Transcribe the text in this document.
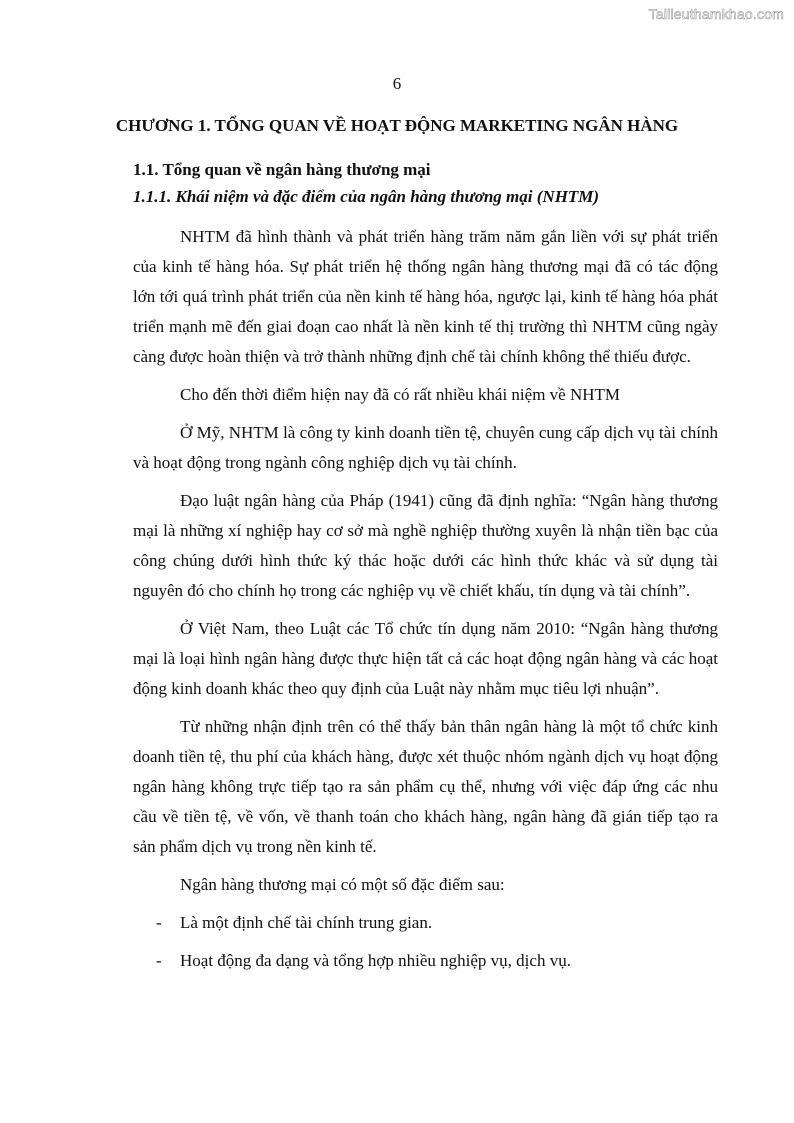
Tailieuthamkhao.com
6
CHƯƠNG 1. TỔNG QUAN VỀ HOẠT ĐỘNG MARKETING NGÂN HÀNG
1.1. Tổng quan về ngân hàng thương mại
1.1.1. Khái niệm và đặc điểm của ngân hàng thương mại (NHTM)

NHTM đã hình thành và phát triển hàng trăm năm gắn liền với sự phát triển của kinh tế hàng hóa. Sự phát triển hệ thống ngân hàng thương mại đã có tác động lớn tới quá trình phát triển của nền kinh tế hàng hóa, ngược lại, kinh tế hàng hóa phát triển mạnh mẽ đến giai đoạn cao nhất là nền kinh tế thị trường thì NHTM cũng ngày càng được hoàn thiện và trở thành những định chế tài chính không thể thiếu được.

Cho đến thời điểm hiện nay đã có rất nhiều khái niệm về NHTM

Ở Mỹ, NHTM là công ty kinh doanh tiền tệ, chuyên cung cấp dịch vụ tài chính và hoạt động trong ngành công nghiệp dịch vụ tài chính.

Đạo luật ngân hàng của Pháp (1941) cũng đã định nghĩa: “Ngân hàng thương mại là những xí nghiệp hay cơ sở mà nghề nghiệp thường xuyên là nhận tiền bạc của công chúng dưới hình thức ký thác hoặc dưới các hình thức khác và sử dụng tài nguyên đó cho chính họ trong các nghiệp vụ về chiết khấu, tín dụng và tài chính”.

Ở Việt Nam, theo Luật các Tổ chức tín dụng năm 2010: “Ngân hàng thương mại là loại hình ngân hàng được thực hiện tất cả các hoạt động ngân hàng và các hoạt động kinh doanh khác theo quy định của Luật này nhằm mục tiêu lợi nhuận”.

Từ những nhận định trên có thể thấy bản thân ngân hàng là một tổ chức kinh doanh tiền tệ, thu phí của khách hàng, được xét thuộc nhóm ngành dịch vụ hoạt động ngân hàng không trực tiếp tạo ra sản phẩm cụ thể, nhưng với việc đáp ứng các nhu cầu về tiền tệ, về vốn, về thanh toán cho khách hàng, ngân hàng đã gián tiếp tạo ra sản phẩm dịch vụ trong nền kinh tế.

Ngân hàng thương mại có một số đặc điểm sau:

- Là một định chế tài chính trung gian.
- Hoạt động đa dạng và tổng hợp nhiều nghiệp vụ, dịch vụ.
